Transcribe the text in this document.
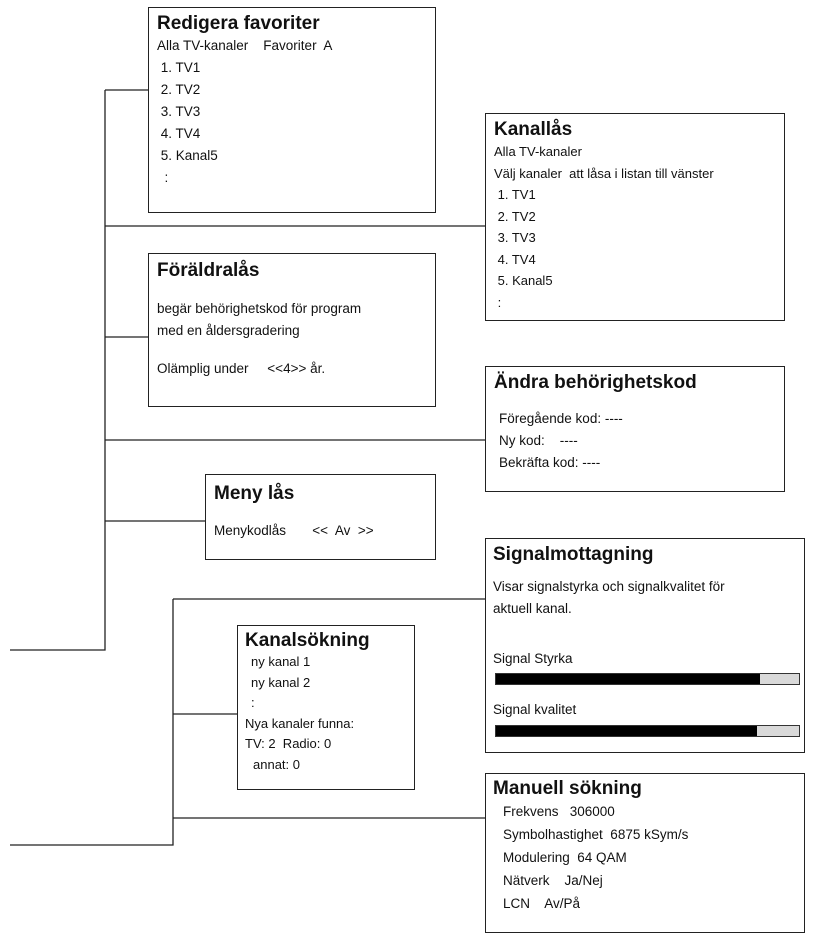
Redigera favoriter
Alla TV-kanaler    Favoriter  A
1. TV1
2. TV2
3. TV3
4. TV4
5. Kanal5
:
Kanallås
Alla TV-kanaler
Välj kanaler  att låsa i listan till vänster
1. TV1
2. TV2
3. TV3
4. TV4
5. Kanal5
:
Föräldralås
begär behörighetskod för program
med en åldersgradering
Olämplig under     <<4>> år.
Ändra behörighetskod
Föregående kod: ----
Ny kod:    ----
Bekräfta kod: ----
Meny lås
Menykodlås       <<  Av  >>
Signalmottagning
Visar signalstyrka och signalkvalitet för
aktuell kanal.
Signal Styrka
Signal kvalitet
Kanalsökning
ny kanal 1
ny kanal 2
:
Nya kanaler funna:
TV: 2  Radio: 0
annat: 0
Manuell sökning
Frekvens   306000
Symbolhastighet  6875 kSym/s
Modulering  64 QAM
Nätverk    Ja/Nej
LCN    Av/På
